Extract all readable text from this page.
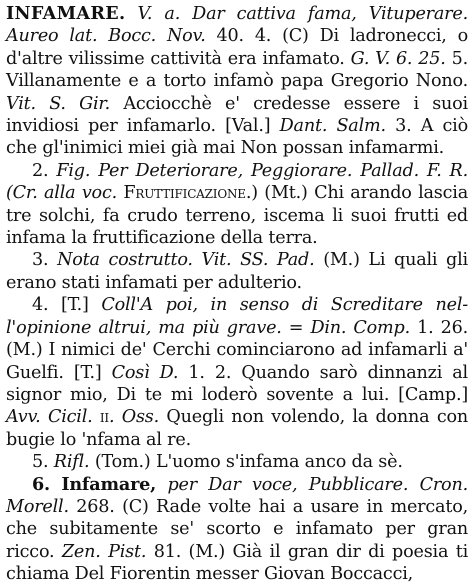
INFAMARE. V. a. Dar cattiva fama, Vituperare. Aureo lat. Bocc. Nov. 40. 4. (C) Di ladronecci, o d'altre vilissime cattività era infamato. G. V. 6. 25. 5. Villanamente e a torto infamò papa Gregorio Nono. Vit. S. Gir. Acciocchè e' credesse essere i suoi invidiosi per infamarlo. [Val.] Dant. Salm. 3. A ciò che gl'inimici miei già mai Non possan infamarmi.

2. Fig. Per Deteriorare, Peggiorare. Pallad. F. R. (Cr. alla voc. Fruttificazione.) (Mt.) Chi arando lascia tre solchi, fa crudo terreno, iscema li suoi frutti ed infama la fruttificazione della terra.

3. Nota costrutto. Vit. SS. Pad. (M.) Li quali gli erano stati infamati per adulterio.

4. [T.] Coll'A poi, in senso di Screditare nel-l'opinione altrui, ma più grave. = Din. Comp. 1. 26. (M.) I nimici de' Cerchi cominciarono ad infamarli a' Guelfi. [T.] Così D. 1. 2. Quando sarò dinnanzi al signor mio, Di te mi loderò sovente a lui. [Camp.] Avv. Cicil. ii. Oss. Quegli non volendo, la donna con bugie lo 'nfama al re.

5. Rifl. (Tom.) L'uomo s'infama anco da sè.

6. Infamare, per Dar voce, Pubblicare. Cron. Morell. 268. (C) Rade volte hai a usare in mercato, che subitamente se' scorto e infamato per gran ricco. Zen. Pist. 81. (M.) Già il gran dir di poesia ti chiama Del Fiorentin messer Giovan Boccacci,
